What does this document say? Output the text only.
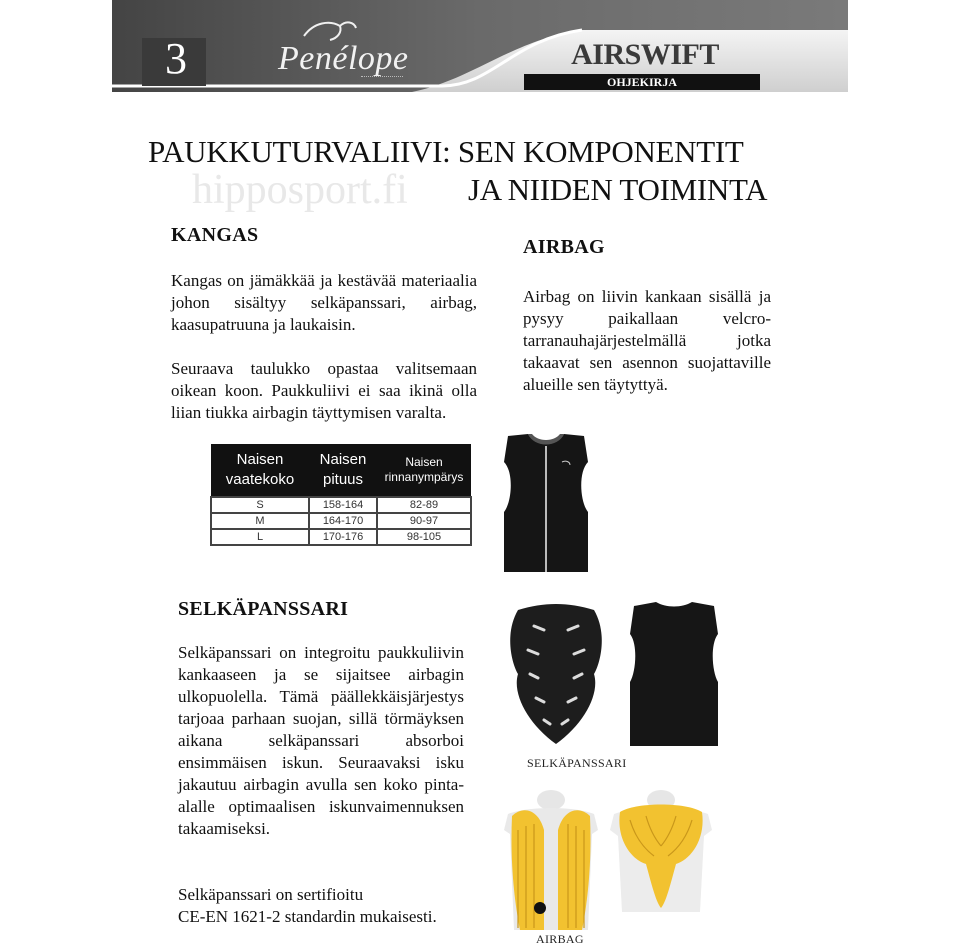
3	Penélope	AIRSWIFT
OHJEKIRJA
hipposport.fi
PAUKKUTURVALIIVI: SEN KOMPONENTIT
JA NIIDEN TOIMINTA
KANGAS

Kangas on jämäkkää ja kestävää materiaalia johon sisältyy selkäpanssari, airbag, kaasupatruuna ja laukaisin.

Seuraava taulukko opastaa valitsemaan oikean koon. Paukkuliivi ei saa ikinä olla liian tiukka airbagin täyttymisen varalta.

Naisen vaatekoko	Naisen pituus	Naisen rinnanympärys
S	158-164	82-89
M	164-170	90-97
L	170-176	98-105
AIRBAG

Airbag on liivin kankaan sisällä ja pysyy paikallaan velcro-tarranauhajärjestelmällä jotka takaavat sen asennon suojattaville alueille sen täytyttyä.

SELKÄPANSSARI

Selkäpanssari on integroitu paukkuliivin kankaaseen ja se sijaitsee airbagin ulkopuolella. Tämä päällekkäisjärjestys tarjoaa parhaan suojan, sillä törmäyksen aikana selkäpanssari absorboi ensimmäisen iskun. Seuraavaksi isku jakautuu airbagin avulla sen koko pinta-alalle optimaalisen iskunvaimennuksen takaamiseksi.

Selkäpanssari on sertifioitu
CE-EN 1621-2 standardin mukaisesti.

SELKÄPANSSARI
AIRBAG
